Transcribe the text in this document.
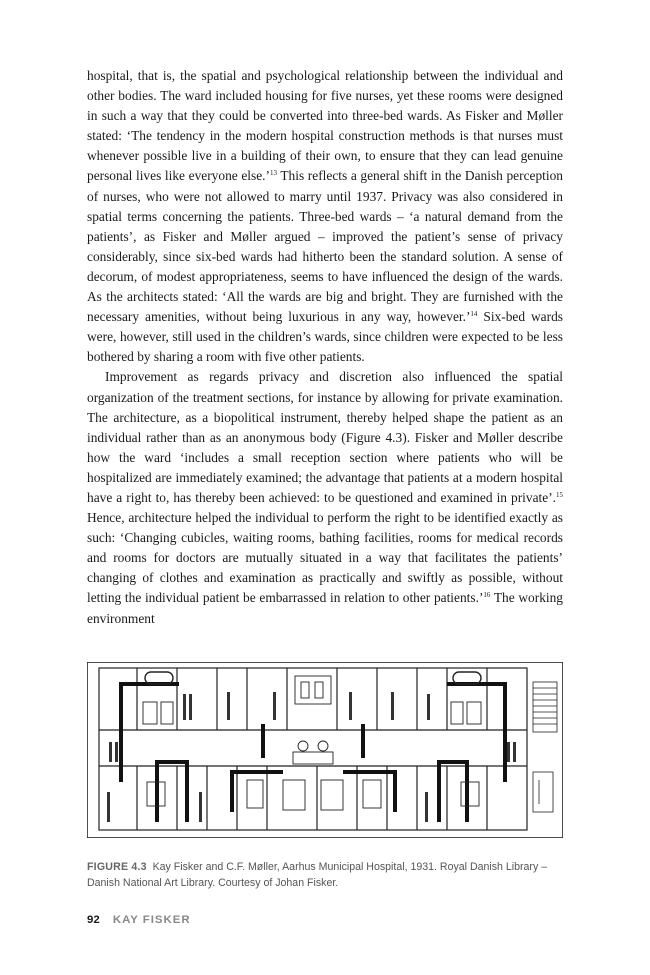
hospital, that is, the spatial and psychological relationship between the individual and other bodies. The ward included housing for five nurses, yet these rooms were designed in such a way that they could be converted into three-bed wards. As Fisker and Møller stated: ‘The tendency in the modern hospital construction methods is that nurses must whenever possible live in a building of their own, to ensure that they can lead genuine personal lives like everyone else.’$^{13}$ This reflects a general shift in the Danish perception of nurses, who were not allowed to marry until 1937. Privacy was also considered in spatial terms concerning the patients. Three-bed wards – ‘a natural demand from the patients’, as Fisker and Møller argued – improved the patient’s sense of privacy considerably, since six-bed wards had hitherto been the standard solution. A sense of decorum, of modest appropriateness, seems to have influenced the design of the wards. As the architects stated: ‘All the wards are big and bright. They are furnished with the necessary amenities, without being luxurious in any way, however.’$^{14}$ Six-bed wards were, however, still used in the children’s wards, since children were expected to be less bothered by sharing a room with five other patients.

Improvement as regards privacy and discretion also influenced the spatial organization of the treatment sections, for instance by allowing for private examination. The architecture, as a biopolitical instrument, thereby helped shape the patient as an individual rather than as an anonymous body (Figure 4.3). Fisker and Møller describe how the ward ‘includes a small reception section where patients who will be hospitalized are immediately examined; the advantage that patients at a modern hospital have a right to, has thereby been achieved: to be questioned and examined in private’.$^{15}$ Hence, architecture helped the individual to perform the right to be identified exactly as such: ‘Changing cubicles, waiting rooms, bathing facilities, rooms for medical records and rooms for doctors are mutually situated in a way that facilitates the patients’ changing of clothes and examination as practically and swiftly as possible, without letting the individual patient be embarrassed in relation to other patients.’$^{16}$ The working environment

FIGURE 4.3 Kay Fisker and C.F. Møller, Aarhus Municipal Hospital, 1931. Royal Danish Library – Danish National Art Library. Courtesy of Johan Fisker.
92 KAY FISKER
